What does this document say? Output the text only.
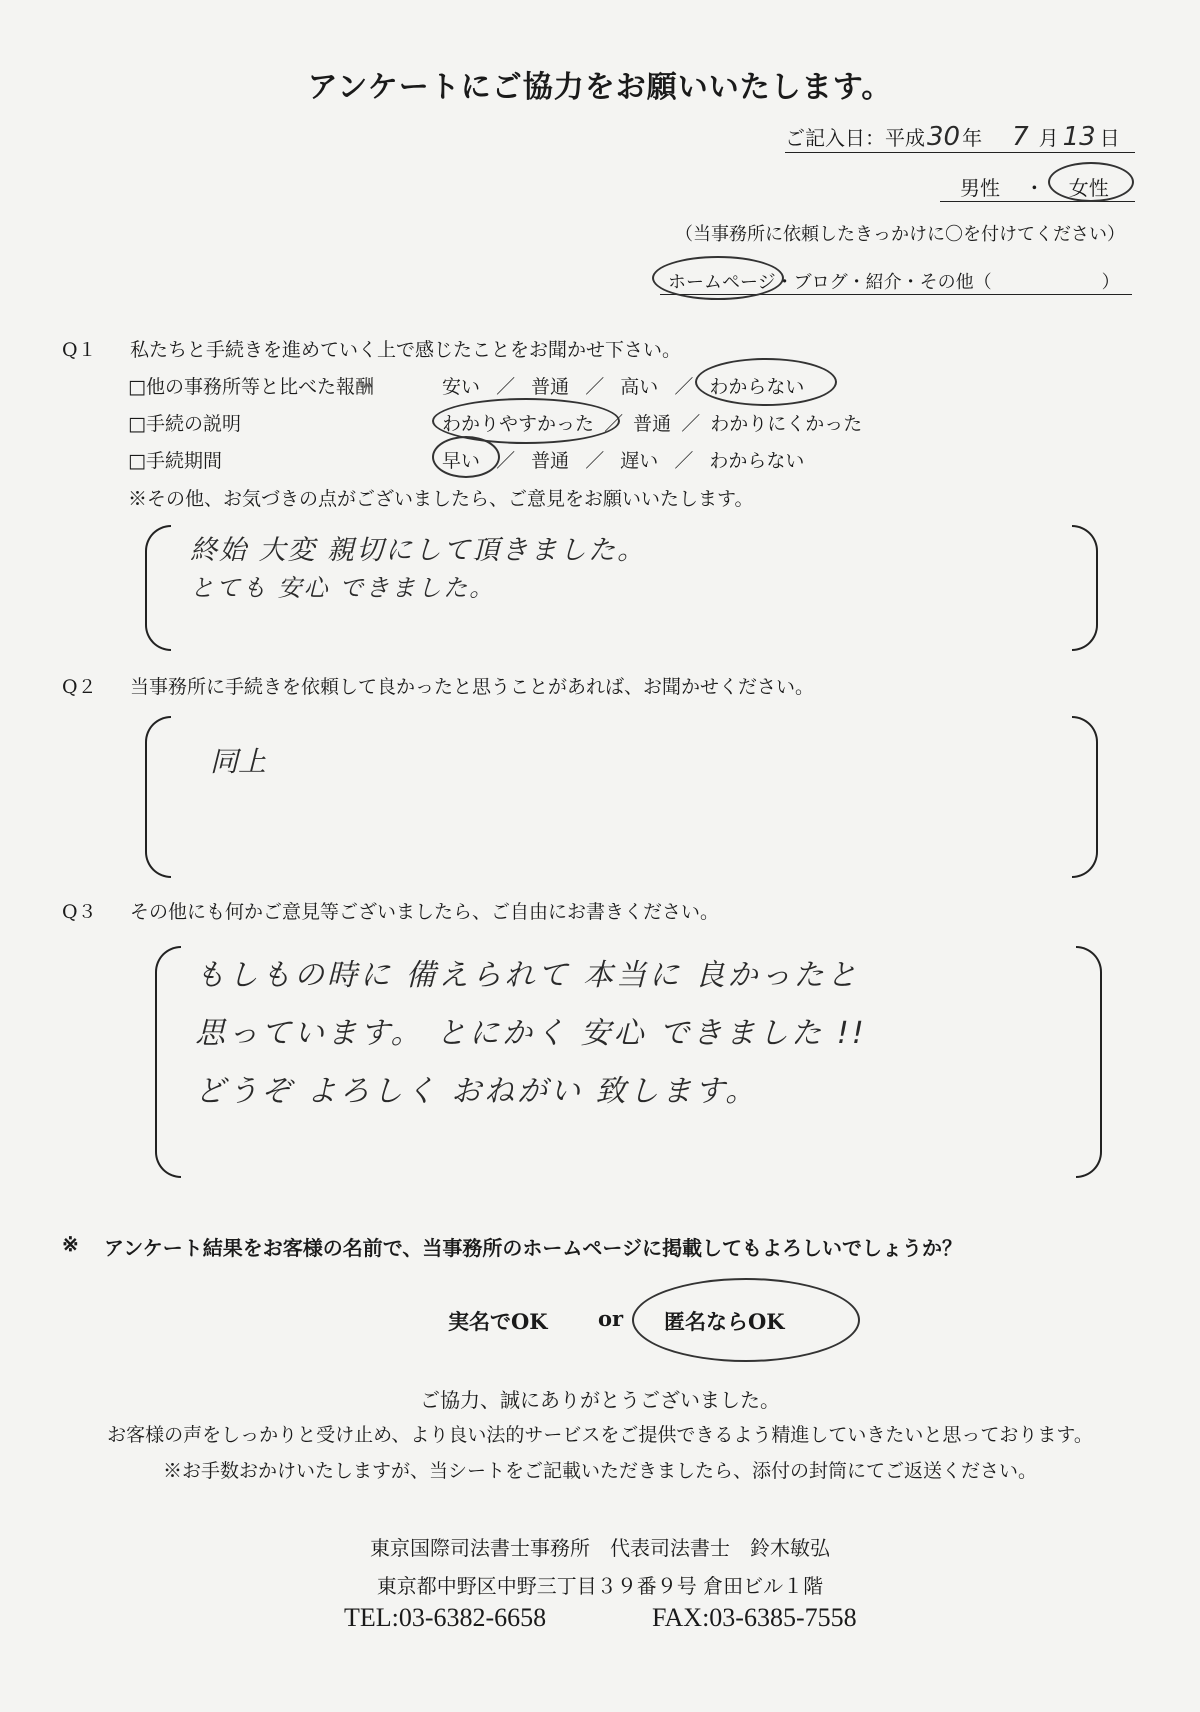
アンケートにご協力をお願いいたします。
ご記入日：平成30 年 7 月 13 日
男性 ・ 女性
（当事務所に依頼したきっかけに〇を付けてください）
ホームページ・ブログ・紹介・その他（	）
Q１ 私たちと手続きを進めていく上で感じたことをお聞かせ下さい。
□他の事務所等と比べた報酬	安い ／ 普通 ／ 高い ／ わからない
□手続の説明	わかりやすかった ／ 普通 ／ わかりにくかった
□手続期間	早い ／ 普通 ／ 遅い ／ わからない
※その他、お気づきの点がございましたら、ご意見をお願いいたします。
終始 大変 親切にして頂きました。
とても 安心 できました。
Q２ 当事務所に手続きを依頼して良かったと思うことがあれば、お聞かせください。
同上
Q３ その他にも何かご意見等ございましたら、ご自由にお書きください。
もしもの時に 備えられて 本当に 良かったと
思っています。 とにかく 安心 できました !!
どうぞ よろしく おねがい 致します。
※ アンケート結果をお客様の名前で、当事務所のホームページに掲載してもよろしいでしょうか？
実名でOK or 匿名ならOK
ご協力、誠にありがとうございました。
お客様の声をしっかりと受け止め、より良い法的サービスをご提供できるよう精進していきたいと思っております。
※お手数おかけいたしますが、当シートをご記載いただきましたら、添付の封筒にてご返送ください。
東京国際司法書士事務所　代表司法書士　鈴木敏弘
東京都中野区中野三丁目３９番９号 倉田ビル１階
TEL:03-6382-6658	FAX:03-6385-7558
